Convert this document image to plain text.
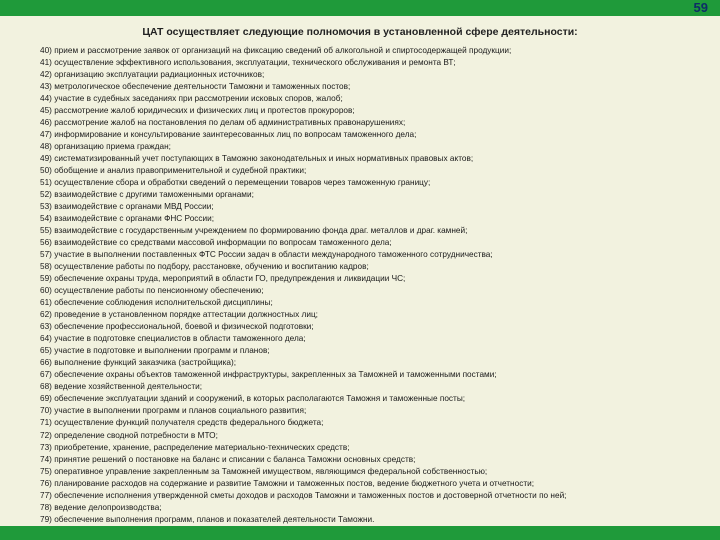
59
ЦАТ осуществляет следующие полномочия в установленной сфере деятельности:
40) прием и рассмотрение заявок от организаций на фиксацию сведений об алкогольной и спиртосодержащей продукции;
41) осуществление эффективного использования, эксплуатации, технического обслуживания и ремонта ВТ;
42) организацию эксплуатации радиационных источников;
43) метрологическое обеспечение деятельности Таможни и таможенных постов;
44) участие в судебных заседаниях при рассмотрении исковых споров, жалоб;
45) рассмотрение жалоб юридических и физических лиц и протестов прокуроров;
46) рассмотрение жалоб на постановления по делам об административных правонарушениях;
47) информирование и консультирование заинтересованных лиц по вопросам таможенного дела;
48) организацию приема граждан;
49) систематизированный учет поступающих в Таможню законодательных и иных нормативных правовых актов;
50) обобщение и анализ правоприменительной и судебной практики;
51) осуществление сбора и обработки сведений о перемещении товаров через таможенную границу;
52) взаимодействие с другими таможенными органами;
53) взаимодействие с органами МВД России;
54) взаимодействие с органами ФНС России;
55) взаимодействие с государственным учреждением по формированию фонда драг. металлов и драг. камней;
56) взаимодействие со средствами массовой информации по вопросам таможенного дела;
57) участие в выполнении поставленных ФТС России задач в области международного таможенного сотрудничества;
58) осуществление работы по подбору, расстановке, обучению и воспитанию кадров;
59) обеспечение охраны труда, мероприятий в области ГО, предупреждения и ликвидации ЧС;
60) осуществление работы по пенсионному обеспечению;
61) обеспечение соблюдения исполнительской дисциплины;
62) проведение в установленном порядке аттестации должностных лиц;
63) обеспечение профессиональной, боевой и физической подготовки;
64) участие в подготовке специалистов в области таможенного дела;
65) участие в подготовке и выполнении программ и планов;
66) выполнение функций заказчика (застройщика);
67) обеспечение охраны объектов таможенной инфраструктуры, закрепленных за Таможней и таможенными постами;
68) ведение хозяйственной деятельности;
69) обеспечение эксплуатации зданий и сооружений, в которых располагаются Таможня и таможенные посты;
70) участие в выполнении программ и планов социального развития;
71) осуществление функций получателя средств федерального бюджета;
72) определение сводной потребности в МТО;
73) приобретение, хранение, распределение материально-технических средств;
74) принятие решений о постановке на баланс и списании с баланса Таможни основных средств;
75) оперативное управление закрепленным за Таможней имуществом, являющимся федеральной собственностью;
76) планирование расходов на содержание и развитие Таможни и таможенных постов, ведение бюджетного учета и отчетности;
77) обеспечение исполнения утвержденной сметы доходов и расходов Таможни и таможенных постов и достоверной отчетности по ней;
78) ведение делопроизводства;
79) обеспечение выполнения программ, планов и показателей деятельности Таможни.
